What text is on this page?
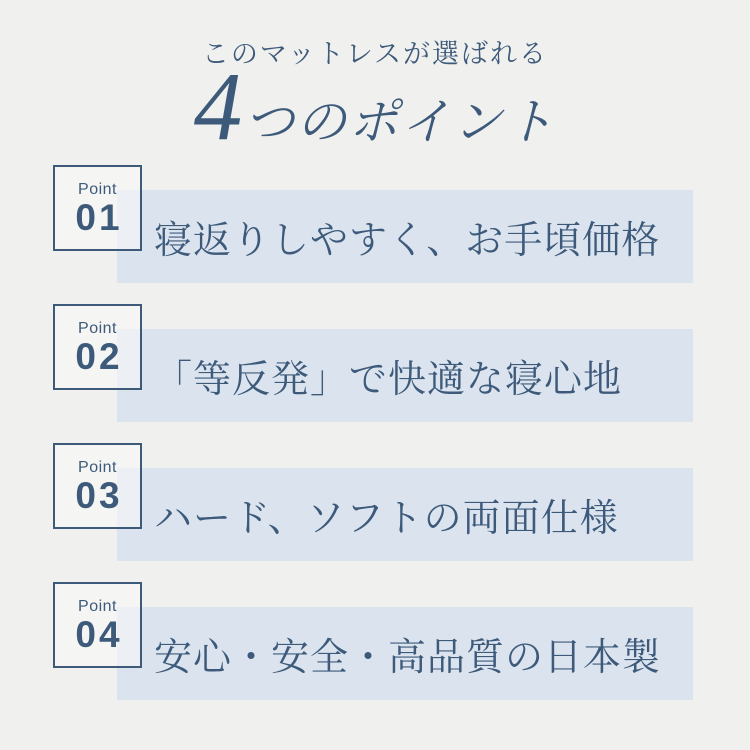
このマットレスが選ばれる
4 つのポイント
寝返りしやすく、お手頃価格
Point
01
「等反発」で快適な寝心地
Point
02
ハード、ソフトの両面仕様
Point
03
安心・安全・高品質の日本製
Point
04
